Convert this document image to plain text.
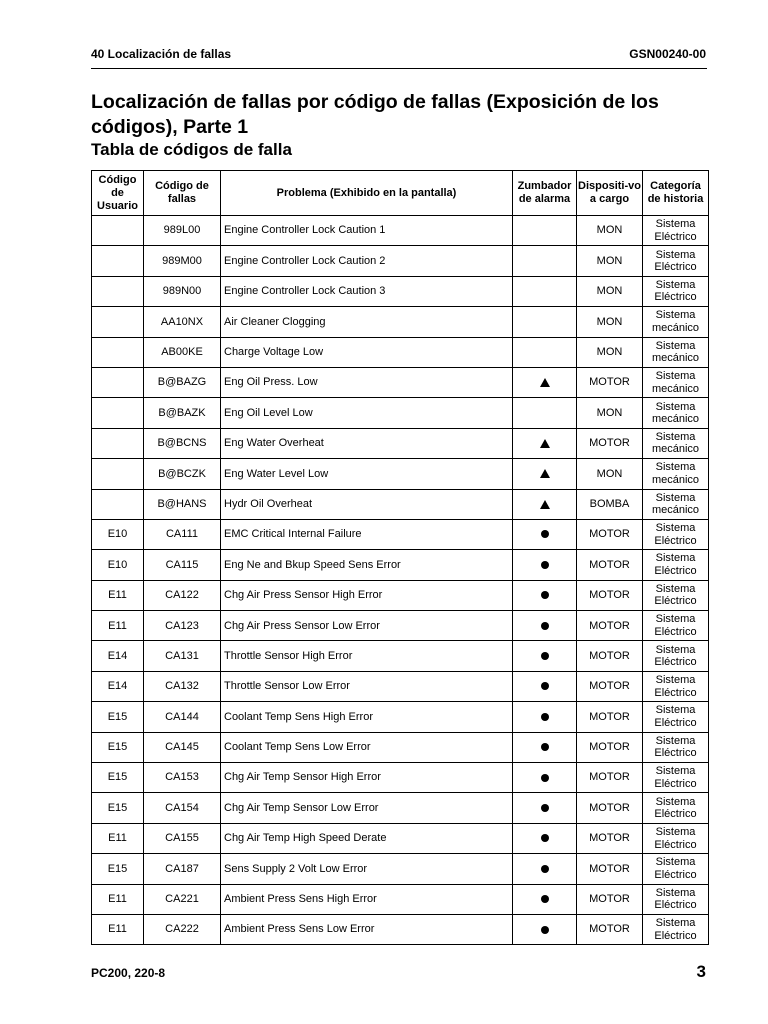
40 Localización de fallas	GSN00240-00
Localización de fallas por código de fallas (Exposición de los códigos), Parte 1
Tabla de códigos de falla
Código de Usuario	Código de fallas	Problema (Exhibido en la pantalla)	Zumbador de alarma	Dispositi-vo a cargo	Categoría de historia
	989L00	Engine Controller Lock Caution 1		MON	Sistema Eléctrico
	989M00	Engine Controller Lock Caution 2		MON	Sistema Eléctrico
	989N00	Engine Controller Lock Caution 3		MON	Sistema Eléctrico
	AA10NX	Air Cleaner Clogging		MON	Sistema mecánico
	AB00KE	Charge Voltage Low		MON	Sistema mecánico
	B@BAZG	Eng Oil Press. Low		MOTOR	Sistema mecánico
	B@BAZK	Eng Oil Level Low		MON	Sistema mecánico
	B@BCNS	Eng Water Overheat		MOTOR	Sistema mecánico
	B@BCZK	Eng Water Level Low		MON	Sistema mecánico
	B@HANS	Hydr Oil Overheat		BOMBA	Sistema mecánico
E10	CA111	EMC Critical Internal Failure		MOTOR	Sistema Eléctrico
E10	CA115	Eng Ne and Bkup Speed Sens Error		MOTOR	Sistema Eléctrico
E11	CA122	Chg Air Press Sensor High Error		MOTOR	Sistema Eléctrico
E11	CA123	Chg Air Press Sensor Low Error		MOTOR	Sistema Eléctrico
E14	CA131	Throttle Sensor High Error		MOTOR	Sistema Eléctrico
E14	CA132	Throttle Sensor Low Error		MOTOR	Sistema Eléctrico
E15	CA144	Coolant Temp Sens High Error		MOTOR	Sistema Eléctrico
E15	CA145	Coolant Temp Sens Low Error		MOTOR	Sistema Eléctrico
E15	CA153	Chg Air Temp Sensor High Error		MOTOR	Sistema Eléctrico
E15	CA154	Chg Air Temp Sensor Low Error		MOTOR	Sistema Eléctrico
E11	CA155	Chg Air Temp High Speed Derate		MOTOR	Sistema Eléctrico
E15	CA187	Sens Supply 2 Volt Low Error		MOTOR	Sistema Eléctrico
E11	CA221	Ambient Press Sens High Error		MOTOR	Sistema Eléctrico
E11	CA222	Ambient Press Sens Low Error		MOTOR	Sistema Eléctrico
PC200, 220-8	3
